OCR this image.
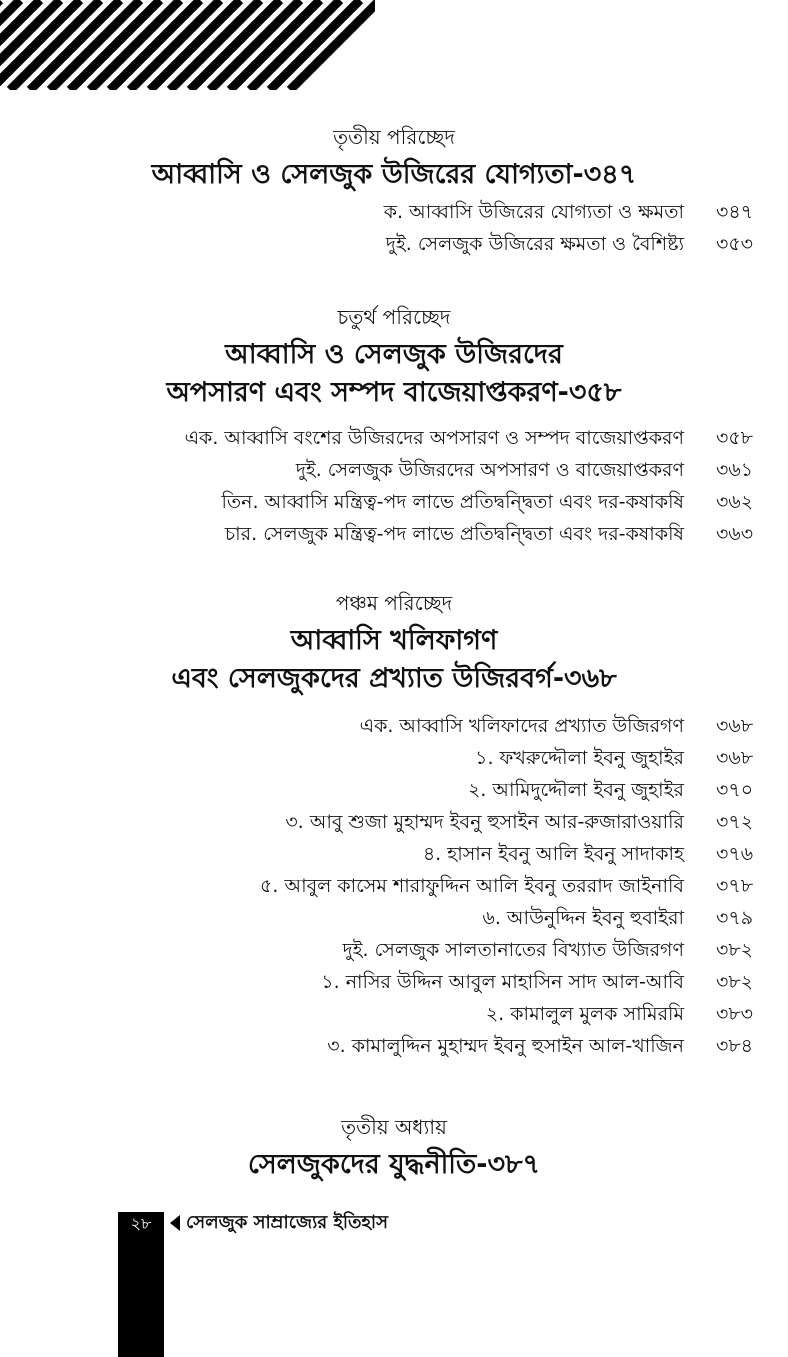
তৃতীয় পরিচ্ছেদ

আব্বাসি ও সেলজুক উজিরের যোগ্যতা-৩৪৭

ক. আব্বাসি উজিরের যোগ্যতা ও ক্ষমতা ৩৪৭
দুই. সেলজুক উজিরের ক্ষমতা ও বৈশিষ্ট্য ৩৫৩

চতুর্থ পরিচ্ছেদ

আব্বাসি ও সেলজুক উজিরদের

অপসারণ এবং সম্পদ বাজেয়াপ্তকরণ-৩৫৮

এক. আব্বাসি বংশের উজিরদের অপসারণ ও সম্পদ বাজেয়াপ্তকরণ ৩৫৮
দুই. সেলজুক উজিরদের অপসারণ ও বাজেয়াপ্তকরণ ৩৬১
তিন. আব্বাসি মন্ত্রিত্ব-পদ লাভে প্রতিদ্বন্দ্বিতা এবং দর-কষাকষি ৩৬২
চার. সেলজুক মন্ত্রিত্ব-পদ লাভে প্রতিদ্বন্দ্বিতা এবং দর-কষাকষি ৩৬৩

পঞ্চম পরিচ্ছেদ

আব্বাসি খলিফাগণ

এবং সেলজুকদের প্রখ্যাত উজিরবর্গ-৩৬৮

এক. আব্বাসি খলিফাদের প্রখ্যাত উজিরগণ ৩৬৮
১. ফখরুদ্দৌলা ইবনু জুহাইর ৩৬৮
২. আমিদুদ্দৌলা ইবনু জুহাইর ৩৭০
৩. আবু শুজা মুহাম্মদ ইবনু হুসাইন আর-রুজারাওয়ারি ৩৭২
৪. হাসান ইবনু আলি ইবনু সাদাকাহ ৩৭৬
৫. আবুল কাসেম শারাফুদ্দিন আলি ইবনু তররাদ জাইনাবি ৩৭৮
৬. আউনুদ্দিন ইবনু হুবাইরা ৩৭৯
দুই. সেলজুক সালতানাতের বিখ্যাত উজিরগণ ৩৮২
১. নাসির উদ্দিন আবুল মাহাসিন সাদ আল-আবি ৩৮২
২. কামালুল মুলক সামিরমি ৩৮৩
৩. কামালুদ্দিন মুহাম্মদ ইবনু হুসাইন আল-খাজিন ৩৮৪

তৃতীয় অধ্যায়

সেলজুকদের যুদ্ধনীতি-৩৮৭

২৮	সেলজুক সাম্রাজ্যের ইতিহাস
